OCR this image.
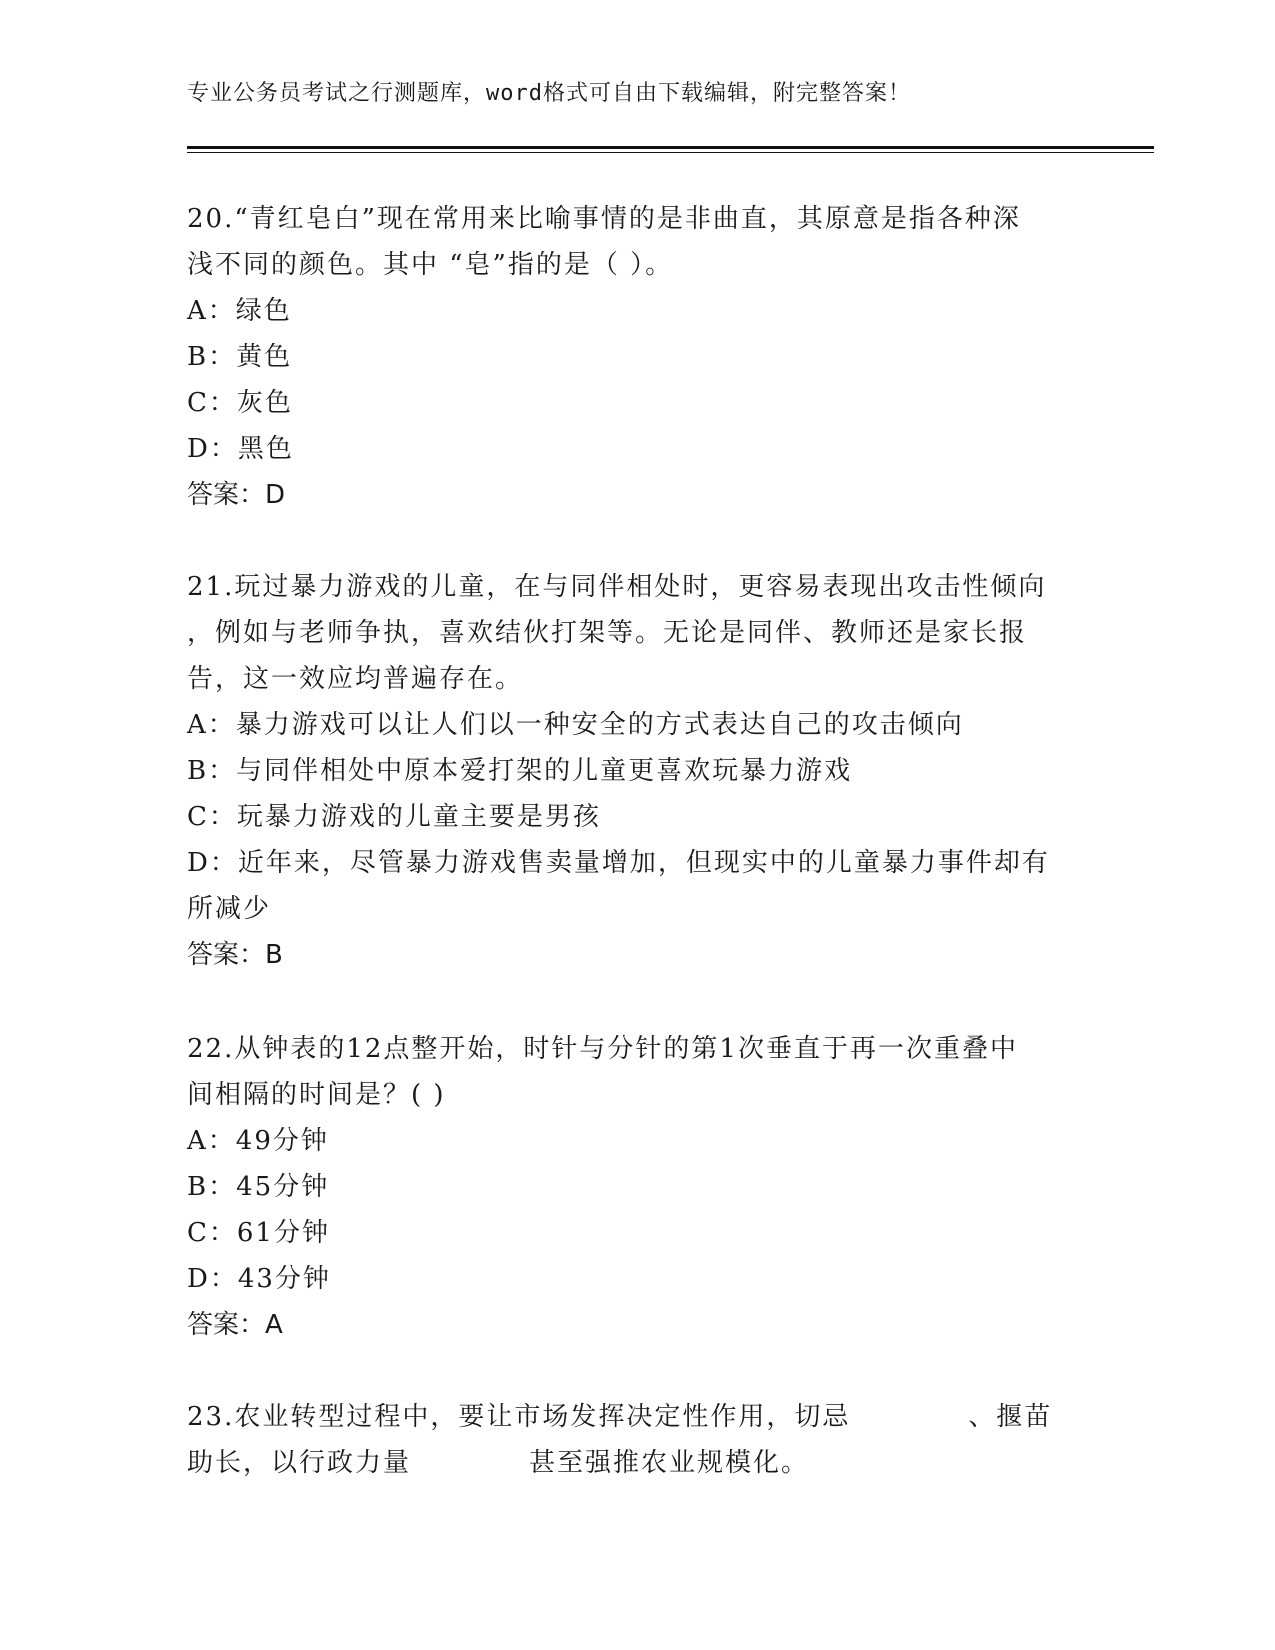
专业公务员考试之行测题库，word格式可自由下载编辑，附完整答案！
20.“青红皂白”现在常用来比喻事情的是非曲直，其原意是指各种深
浅不同的颜色。其中 “皂”指的是（ ）。
A：绿色
B：黄色
C：灰色
D：黑色
答案：D
21.玩过暴力游戏的儿童，在与同伴相处时，更容易表现出攻击性倾向
，例如与老师争执，喜欢结伙打架等。无论是同伴、教师还是家长报
告，这一效应均普遍存在。
A：暴力游戏可以让人们以一种安全的方式表达自己的攻击倾向
B：与同伴相处中原本爱打架的儿童更喜欢玩暴力游戏
C：玩暴力游戏的儿童主要是男孩
D：近年来，尽管暴力游戏售卖量增加，但现实中的儿童暴力事件却有
所减少
答案：B
22.从钟表的12点整开始，时针与分针的第1次垂直于再一次重叠中
间相隔的时间是？( )
A：49分钟
B：45分钟
C：61分钟
D：43分钟
答案：A
23.农业转型过程中，要让市场发挥决定性作用，切忌	、揠苗
助长，以行政力量	甚至强推农业规模化。
